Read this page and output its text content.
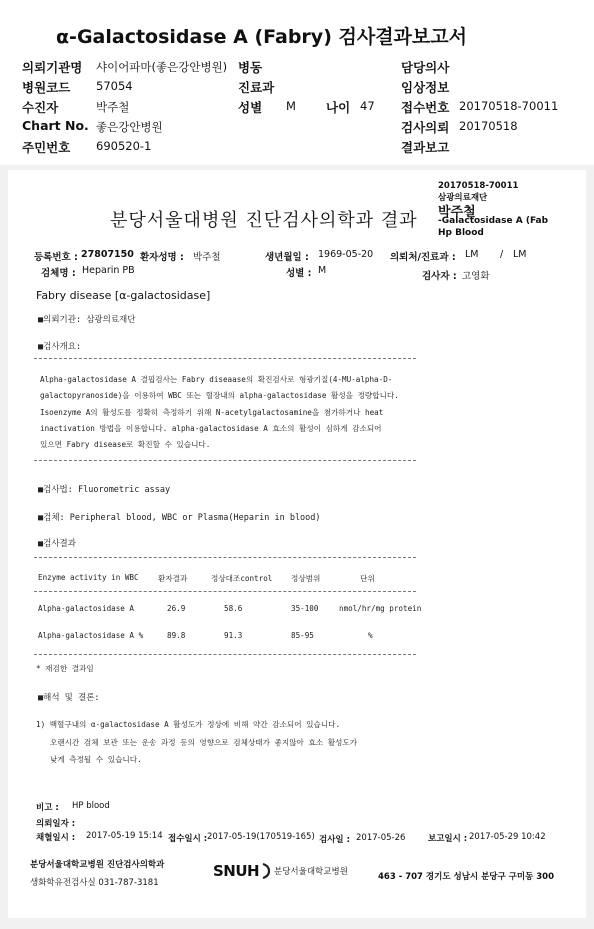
α-Galactosidase A (Fabry) 검사결과보고서
의뢰기관명 샤이어파마(좋은강안병원) 병동	담당의사
병원코드 57054	진료과	임상정보
수진자	박주철	성별 M 나이 47 접수번호 20170518-70011
Chart No. 좋은강안병원	검사의뢰 20170518
주민번호 690520-1	결과보고
분당서울대병원 진단검사의학과 결과
20170518-70011
삼광의료재단
박주철
-Galactosidase A (Fab
Hp Blood
등록번호 : 27807150 환자성명 : 박주철	생년월일 : 1969-05-20 의뢰처/진료과 : LM / LM
검체명 : Heparin PB	성별 : M
검사자 : 고영화
Fabry disease [α-galactosidase]
■의뢰기관: 삼광의료재단
■검사개요:
Alpha-galactosidase A 결핍검사는 Fabry diseaase의 확진검사로 형광기질(4-MU-alpha-D-
galactopyranoside)을 이용하여 WBC 또는 혈장내의 alpha-galactosidase 활성을 정량합니다.
Isoenzyme A의 활성도를 정확히 측정하기 위해 N-acetylgalactosamine을 첨가하거나 heat
inactivation 방법을 이용합니다. alpha-galactosidase A 효소의 활성이 심하게 감소되어
있으면 Fabry disease로 확진할 수 있습니다.
■검사법: Fluorometric assay
■검체: Peripheral blood, WBC or Plasma(Heparin in blood)
■검사결과
Enzyme activity in WBC	환자결과	정상대조control 정상범위	단위
Alpha-galactosidase A	26.9	58.6	35-100	nmol/hr/mg protein
Alpha-galactosidase A %	89.8	91.3	85-95	%
* 재검한 결과임
■해석 및 결론:
1) 백혈구내의 α-galactosidase A 활성도가 정상에 비해 약간 감소되어 있습니다.
오랜시간 검체 보관 또는 운송 과정 등의 영향으로 검체상태가 좋지않아 효소 활성도가
낮게 측정될 수 있습니다.
비고 : HP blood
의뢰일자 :
채혈일시 : 2017-05-19 15:14 접수일시 : 2017-05-19(170519-165) 검사일 : 2017-05-26	보고일시 : 2017-05-29 10:42
분당서울대학교병원 진단검사의학과
생화학유전검사실 031-787-3181
SNUH 분당서울대학교병원	463 - 707 경기도 성남시 분당구 구미동 300
